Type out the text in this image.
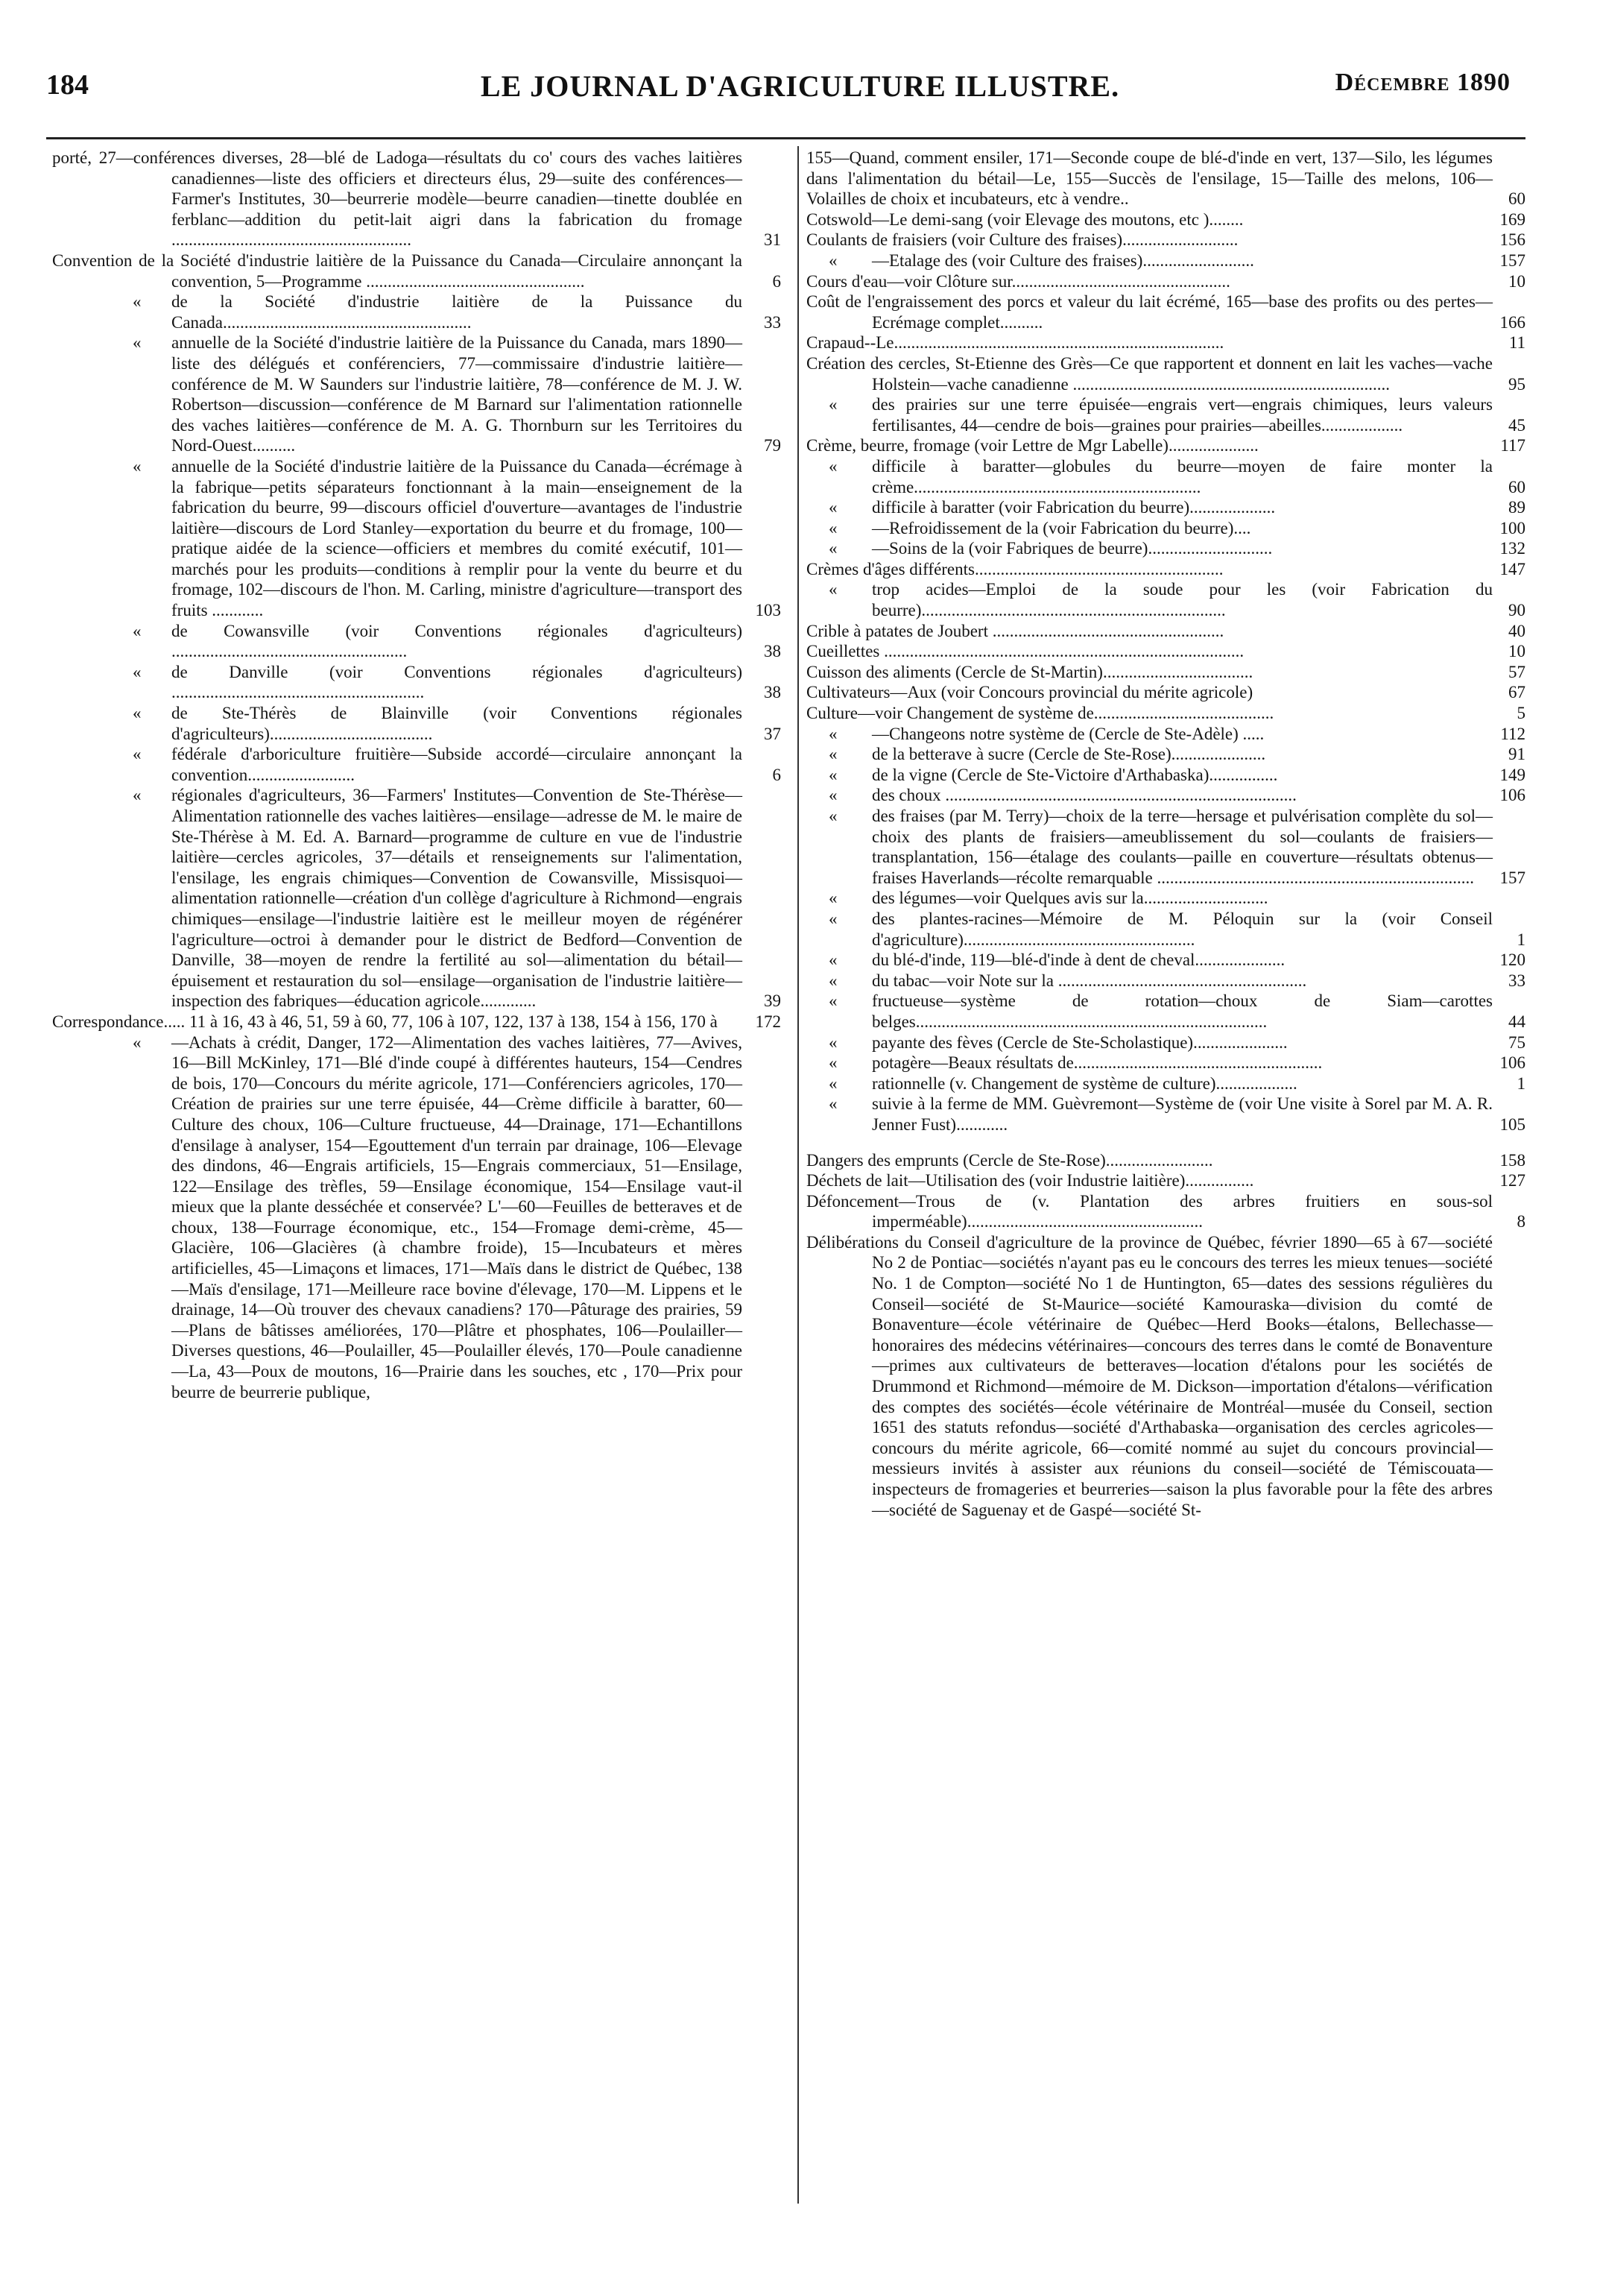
184	LE JOURNAL D'AGRICULTURE ILLUSTRE.	Décembre 1890
porté, 27—conférences diverses, 28—blé de Ladoga—résultats du co' cours des vaches laitières canadiennes—liste des officiers et directeurs élus, 29—suite des conférences—Farmer's Institutes, 30—beurrerie modèle—beurre canadien—tinette doublée en ferblanc—addition du petit-lait aigri dans la fabrication du fromage ........................................................	31
Convention de la Société d'industrie laitière de la Puissance du Canada—Circulaire annonçant la convention, 5—Programme ...................................................	6
« de la Société d'industrie laitière de la Puissance du Canada..........................................................	33
« annuelle de la Société d'industrie laitière de la Puissance du Canada, mars 1890—liste des délégués et conférenciers, 77—commissaire d'industrie laitière—conférence de M. W Saunders sur l'industrie laitière, 78—conférence de M. J. W. Robertson—discussion—conférence de M Barnard sur l'alimentation rationnelle des vaches laitières—conférence de M. A. G. Thornburn sur les Territoires du Nord-Ouest..........	79
« annuelle de la Société d'industrie laitière de la Puissance du Canada—écrémage à la fabrique—petits séparateurs fonctionnant à la main—enseignement de la fabrication du beurre, 99—discours officiel d'ouverture—avantages de l'industrie laitière—discours de Lord Stanley—exportation du beurre et du fromage, 100—pratique aidée de la science—officiers et membres du comité exécutif, 101—marchés pour les produits—conditions à remplir pour la vente du beurre et du fromage, 102—discours de l'hon. M. Carling, ministre d'agriculture—transport des fruits ............	103
« de Cowansville (voir Conventions régionales d'agriculteurs) .......................................................	38
« de Danville (voir Conventions régionales d'agriculteurs) ...........................................................	38
« de Ste-Thérès de Blainville (voir Conventions régionales d'agriculteurs)......................................	37
« fédérale d'arboriculture fruitière—Subside accordé—circulaire annonçant la convention.........................	6
« régionales d'agriculteurs, 36—Farmers' Institutes—Convention de Ste-Thérèse—Alimentation rationnelle des vaches laitières—ensilage—adresse de M. le maire de Ste-Thérèse à M. Ed. A. Barnard—programme de culture en vue de l'industrie laitière—cercles agricoles, 37—détails et renseignements sur l'alimentation, l'ensilage, les engrais chimiques—Convention de Cowansville, Missisquoi—alimentation rationnelle—création d'un collège d'agriculture à Richmond—engrais chimiques—ensilage—l'industrie laitière est le meilleur moyen de régénérer l'agriculture—octroi à demander pour le district de Bedford—Convention de Danville, 38—moyen de rendre la fertilité au sol—alimentation du bétail—épuisement et restauration du sol—ensilage—organisation de l'industrie laitière—inspection des fabriques—éducation agricole.............	39
Correspondance..... 11 à 16, 43 à 46, 51, 59 à 60, 77, 106 à 107, 122, 137 à 138, 154 à 156, 170 à	172
« —Achats à crédit, Danger, 172—Alimentation des vaches laitières, 77—Avives, 16—Bill McKinley, 171—Blé d'inde coupé à différentes hauteurs, 154—Cendres de bois, 170—Concours du mérite agricole, 171—Conférenciers agricoles, 170—Création de prairies sur une terre épuisée, 44—Crème difficile à baratter, 60—Culture des choux, 106—Culture fructueuse, 44—Drainage, 171—Echantillons d'ensilage à analyser, 154—Egouttement d'un terrain par drainage, 106—Elevage des dindons, 46—Engrais artificiels, 15—Engrais commerciaux, 51—Ensilage, 122—Ensilage des trèfles, 59—Ensilage économique, 154—Ensilage vaut-il mieux que la plante desséchée et conservée? L'—60—Feuilles de betteraves et de choux, 138—Fourrage économique, etc., 154—Fromage demi-crème, 45—Glacière, 106—Glacières (à chambre froide), 15—Incubateurs et mères artificielles, 45—Limaçons et limaces, 171—Maïs dans le district de Québec, 138—Maïs d'ensilage, 171—Meilleure race bovine d'élevage, 170—M. Lippens et le drainage, 14—Où trouver des chevaux canadiens? 170—Pâturage des prairies, 59—Plans de bâtisses améliorées, 170—Plâtre et phosphates, 106—Poulailler—Diverses questions, 46—Poulailler, 45—Poulailler élevés, 170—Poule canadienne—La, 43—Poux de moutons, 16—Prairie dans les souches, etc , 170—Prix pour beurre de beurrerie publique,
155—Quand, comment ensiler, 171—Seconde coupe de blé-d'inde en vert, 137—Silo, les légumes dans l'alimentation du bétail—Le, 155—Succès de l'ensilage, 15—Taille des melons, 106—Volailles de choix et incubateurs, etc à vendre..	60
Cotswold—Le demi-sang (voir Elevage des moutons, etc )........	169
Coulants de fraisiers (voir Culture des fraises)...........................	156
« —Etalage des (voir Culture des fraises)..........................	157
Cours d'eau—voir Clôture sur...................................................	10
Coût de l'engraissement des porcs et valeur du lait écrémé, 165—base des profits ou des pertes—Ecrémage complet..........	166
Crapaud--Le.............................................................................	11
Création des cercles, St-Etienne des Grès—Ce que rapportent et donnent en lait les vaches—vache Holstein—vache canadienne ..........................................................................	95
« des prairies sur une terre épuisée—engrais vert—engrais chimiques, leurs valeurs fertilisantes, 44—cendre de bois—graines pour prairies—abeilles...................	45
Crème, beurre, fromage (voir Lettre de Mgr Labelle).....................	117
« difficile à baratter—globules du beurre—moyen de faire monter la crème...................................................................	60
« difficile à baratter (voir Fabrication du beurre)....................	89
« —Refroidissement de la (voir Fabrication du beurre)....	100
« —Soins de la (voir Fabriques de beurre).............................	132
Crèmes d'âges différents..........................................................	147
« trop acides—Emploi de la soude pour les (voir Fabrication du beurre).......................................................................	90
Crible à patates de Joubert ......................................................	40
Cueillettes ....................................................................................	10
Cuisson des aliments (Cercle de St-Martin)...................................	57
Cultivateurs—Aux (voir Concours provincial du mérite agricole)	67
Culture—voir Changement de système de..........................................	5
« —Changeons notre système de (Cercle de Ste-Adèle) .....	112
« de la betterave à sucre (Cercle de Ste-Rose)......................	91
« de la vigne (Cercle de Ste-Victoire d'Arthabaska)................	149
« des choux ..................................................................................	106
« des fraises (par M. Terry)—choix de la terre—hersage et pulvérisation complète du sol—choix des plants de fraisiers—ameublissement du sol—coulants de fraisiers—transplantation, 156—étalage des coulants—paille en couverture—résultats obtenus—fraises Haverlands—récolte remarquable .......................................................................... 157
« des légumes—voir Quelques avis sur la.............................
« des plantes-racines—Mémoire de M. Péloquin sur la (voir Conseil d'agriculture)......................................................	1
« du blé-d'inde, 119—blé-d'inde à dent de cheval.....................	120
« du tabac—voir Note sur la ..........................................................	33
« fructueuse—système de rotation—choux de Siam—carottes belges..................................................................................	44
« payante des fèves (Cercle de Ste-Scholastique)......................	75
« potagère—Beaux résultats de..........................................................	106
« rationnelle (v. Changement de système de culture)...................	1
« suivie à la ferme de MM. Guèvremont—Système de (voir Une visite à Sorel par M. A. R. Jenner Fust)............	105
Dangers des emprunts (Cercle de Ste-Rose).........................	158
Déchets de lait—Utilisation des (voir Industrie laitière)................	127
Défoncement—Trous de (v. Plantation des arbres fruitiers en sous-sol imperméable).......................................................	8
Délibérations du Conseil d'agriculture de la province de Québec, février 1890—65 à 67—société No 2 de Pontiac—sociétés n'ayant pas eu le concours des terres les mieux tenues—société No. 1 de Compton—société No 1 de Huntington, 65—dates des sessions régulières du Conseil—société de St-Maurice—société Kamouraska—division du comté de Bonaventure—école vétérinaire de Québec—Herd Books—étalons, Bellechasse—honoraires des médecins vétérinaires—concours des terres dans le comté de Bonaventure—primes aux cultivateurs de betteraves—location d'étalons pour les sociétés de Drummond et Richmond—mémoire de M. Dickson—importation d'étalons—vérification des comptes des sociétés—école vétérinaire de Montréal—musée du Conseil, section 1651 des statuts refondus—société d'Arthabaska—organisation des cercles agricoles—concours du mérite agricole, 66—comité nommé au sujet du concours provincial—messieurs invités à assister aux réunions du conseil—société de Témiscouata—inspecteurs de fromageries et beurreries—saison la plus favorable pour la fête des arbres—société de Saguenay et de Gaspé—société St-
